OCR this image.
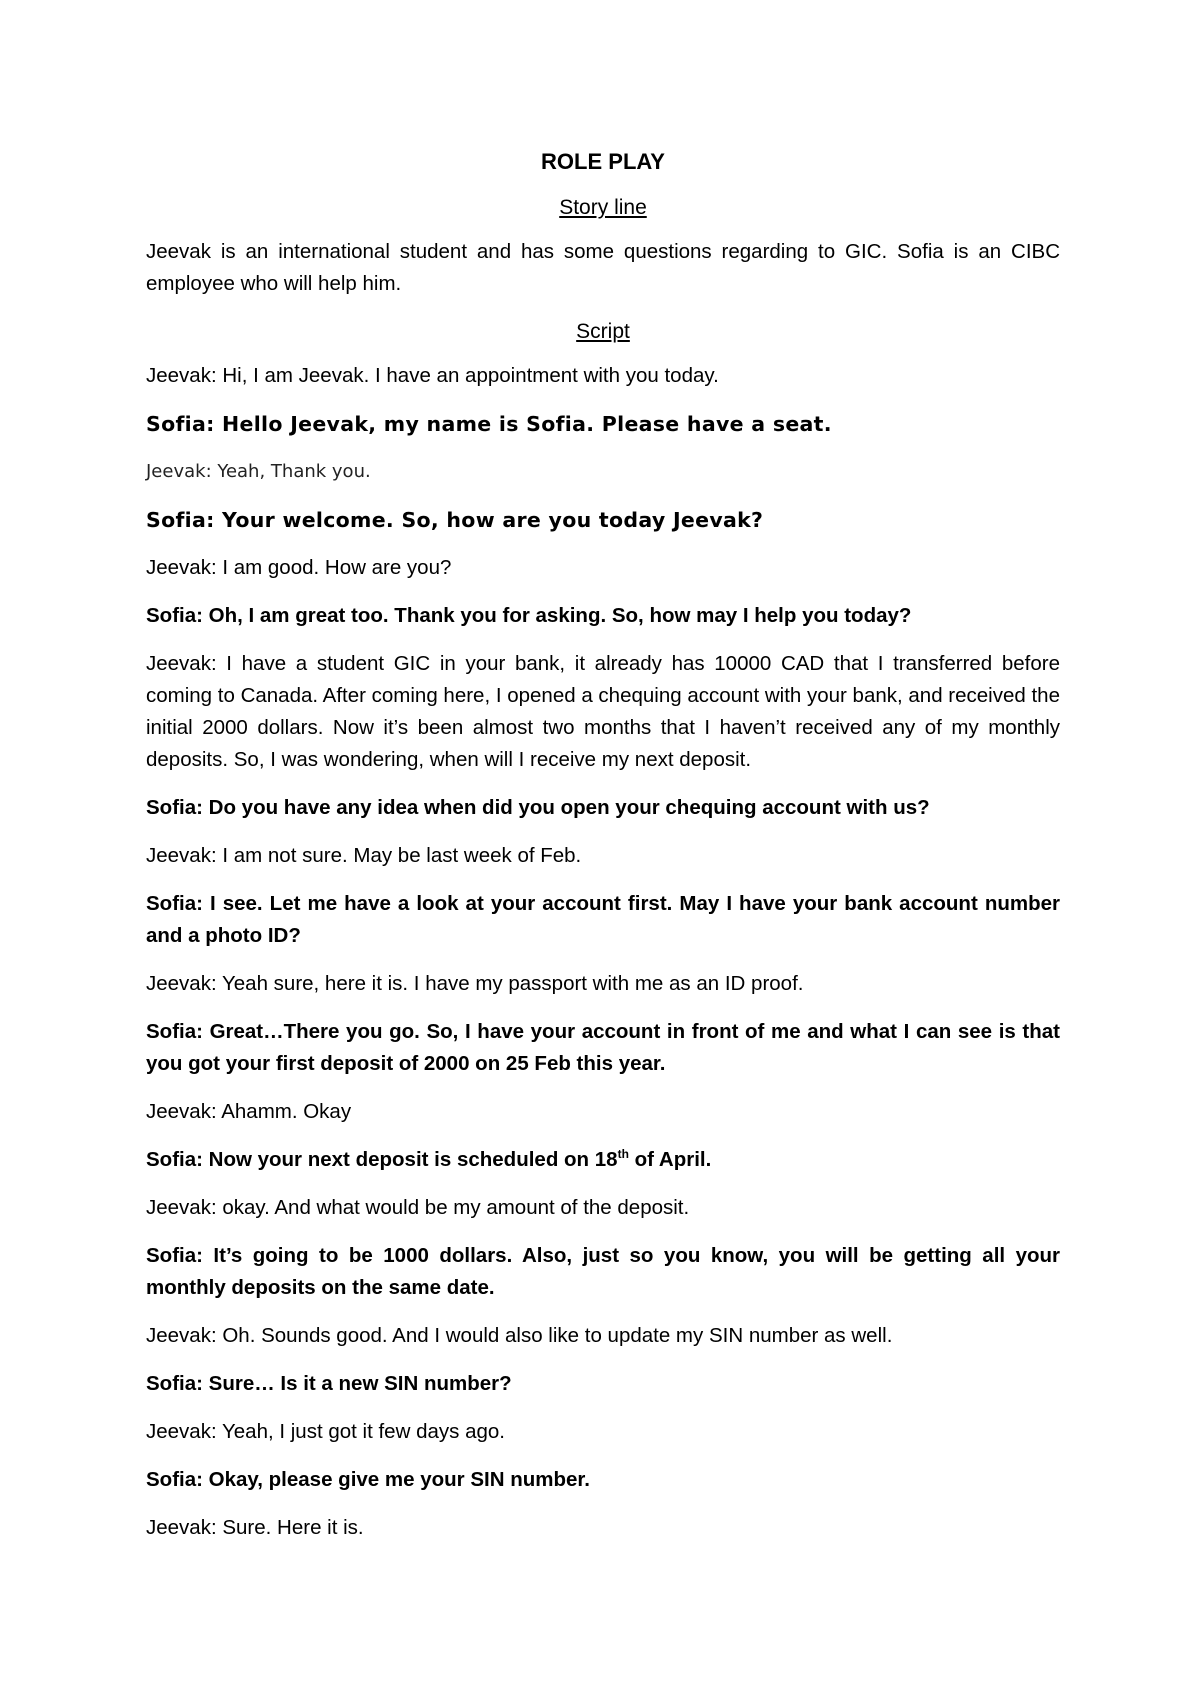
ROLE PLAY
Story line

Jeevak is an international student and has some questions regarding to GIC. Sofia is an CIBC employee who will help him.

Script

Jeevak: Hi, I am Jeevak. I have an appointment with you today.

Sofia: Hello Jeevak, my name is Sofia. Please have a seat.

Jeevak: Yeah, Thank you.

Sofia: Your welcome. So, how are you today Jeevak?

Jeevak: I am good. How are you?

Sofia: Oh, I am great too. Thank you for asking. So, how may I help you today?

Jeevak: I have a student GIC in your bank, it already has 10000 CAD that I transferred before coming to Canada. After coming here, I opened a chequing account with your bank, and received the initial 2000 dollars. Now it’s been almost two months that I haven’t received any of my monthly deposits. So, I was wondering, when will I receive my next deposit.

Sofia: Do you have any idea when did you open your chequing account with us?

Jeevak: I am not sure. May be last week of Feb.

Sofia: I see. Let me have a look at your account first. May I have your bank account number and a photo ID?

Jeevak: Yeah sure, here it is. I have my passport with me as an ID proof.

Sofia: Great…There you go. So, I have your account in front of me and what I can see is that you got your first deposit of 2000 on 25 Feb this year.

Jeevak: Ahamm. Okay

Sofia: Now your next deposit is scheduled on 18th of April.

Jeevak: okay. And what would be my amount of the deposit.

Sofia: It’s going to be 1000 dollars. Also, just so you know, you will be getting all your monthly deposits on the same date.

Jeevak: Oh. Sounds good. And I would also like to update my SIN number as well.

Sofia: Sure… Is it a new SIN number?

Jeevak: Yeah, I just got it few days ago.

Sofia: Okay, please give me your SIN number.

Jeevak: Sure. Here it is.
